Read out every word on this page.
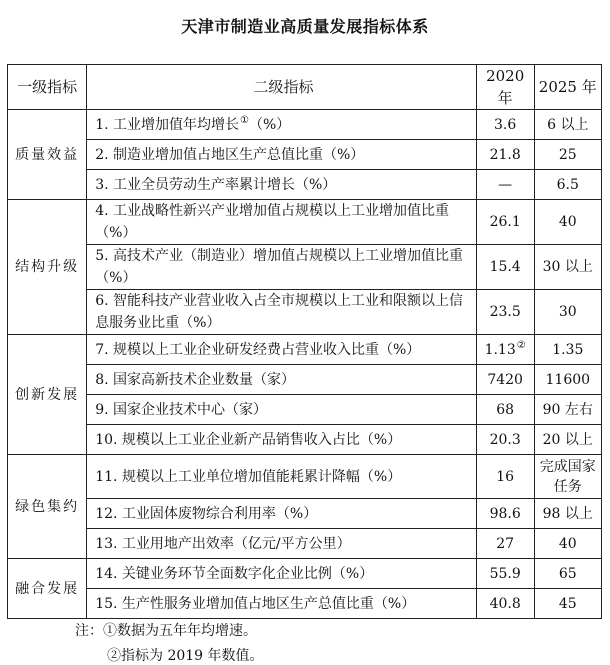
天津市制造业高质量发展指标体系
一级指标	二级指标	2020 年	2025 年
质量效益	1. 工业增加值年均增长①（%）	3.6	6 以上
	2. 制造业增加值占地区生产总值比重（%）	21.8	25
	3. 工业全员劳动生产率累计增长（%）	—	6.5
结构升级	4. 工业战略性新兴产业增加值占规模以上工业增加值比重（%）	26.1	40
	5. 高技术产业（制造业）增加值占规模以上工业增加值比重（%）	15.4	30 以上
	6. 智能科技产业营业收入占全市规模以上工业和限额以上信息服务业比重（%）	23.5	30
创新发展	7. 规模以上工业企业研发经费占营业收入比重（%）	1.13②	1.35
	8. 国家高新技术企业数量（家）	7420	11600
	9. 国家企业技术中心（家）	68	90 左右
	10. 规模以上工业企业新产品销售收入占比（%）	20.3	20 以上
绿色集约	11. 规模以上工业单位增加值能耗累计降幅（%）	16	完成国家任务
	12. 工业固体废物综合利用率（%）	98.6	98 以上
	13. 工业用地产出效率（亿元/平方公里）	27	40
融合发展	14. 关键业务环节全面数字化企业比例（%）	55.9	65
	15. 生产性服务业增加值占地区生产总值比重（%）	40.8	45
注：①数据为五年年均增速。
②指标为 2019 年数值。
